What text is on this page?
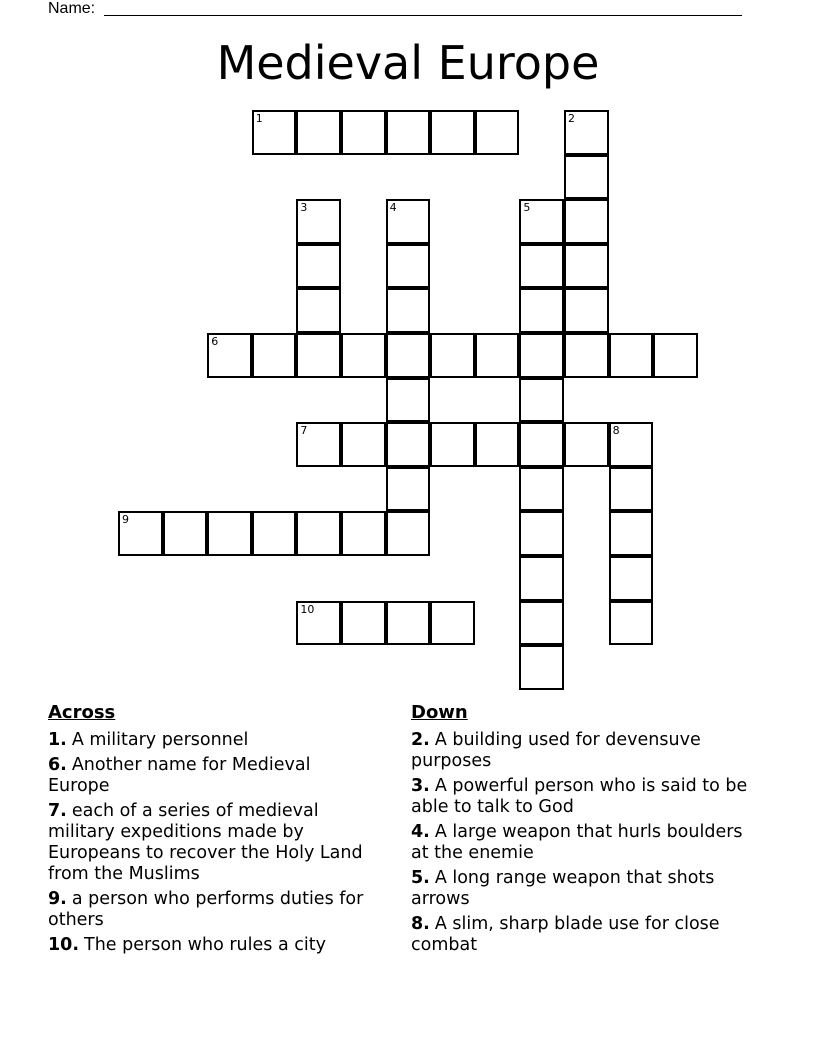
Name:
Medieval Europe
1	2
3	4	5
6
7	8
9
10
Across
1. A military personnel
6. Another name for Medieval Europe
7. each of a series of medieval military expeditions made by Europeans to recover the Holy Land from the Muslims
9. a person who performs duties for others
10. The person who rules a city
Down
2. A building used for devensuve purposes
3. A powerful person who is said to be able to talk to God
4. A large weapon that hurls boulders at the enemie
5. A long range weapon that shots arrows
8. A slim, sharp blade use for close combat
